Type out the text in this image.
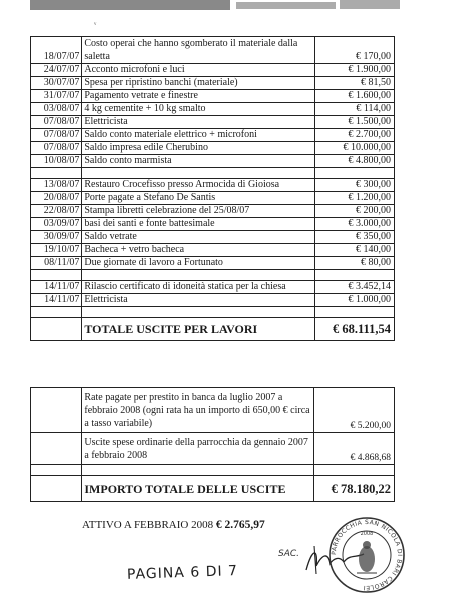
ᵛ
18/07/07	Costo operai che hanno sgomberato il materiale dalla saletta	€ 170,00
24/07/07	Acconto microfoni e luci	€ 1.900,00
30/07/07	Spesa per ripristino banchi (materiale)	€ 81,50
31/07/07	Pagamento vetrate e finestre	€ 1.600,00
03/08/07	4 kg cementite + 10 kg smalto	€ 114,00
07/08/07	Elettricista	€ 1.500,00
07/08/07	Saldo conto materiale elettrico + microfoni	€ 2.700,00
07/08/07	Saldo impresa edile Cherubino	€ 10.000,00
10/08/07	Saldo conto marmista	€ 4.800,00

13/08/07	Restauro Crocefisso presso Armocida di Gioiosa	€ 300,00
20/08/07	Porte pagate a Stefano De Santis	€ 1.200,00
22/08/07	Stampa libretti celebrazione del 25/08/07	€ 200,00
03/09/07	basi dei santi e fonte battesimale	€ 3.000,00
30/09/07	Saldo vetrate	€ 350,00
19/10/07	Bacheca + vetro bacheca	€ 140,00
08/11/07	Due giornate di lavoro a Fortunato	€ 80,00

14/11/07	Rilascio certificato di idoneità statica per la chiesa	€ 3.452,14
14/11/07	Elettricista	€ 1.000,00

	TOTALE USCITE PER LAVORI	€ 68.111,54
	Rate pagate per prestito in banca da luglio 2007 a febbraio 2008 (ogni rata ha un importo di 650,00 € circa a tasso variabile)	€ 5.200,00
	Uscite spese ordinarie della parrocchia da gennaio 2007 a febbraio 2008	€ 4.868,68

	IMPORTO TOTALE DELLE USCITE	€ 78.180,22
ATTIVO A FEBBRAIO 2008 € 2.765,97
PAGINA 6 DI 7
SAC.	PARROCCHIA SAN NICOLA DI BARI CAROLEI
2008
